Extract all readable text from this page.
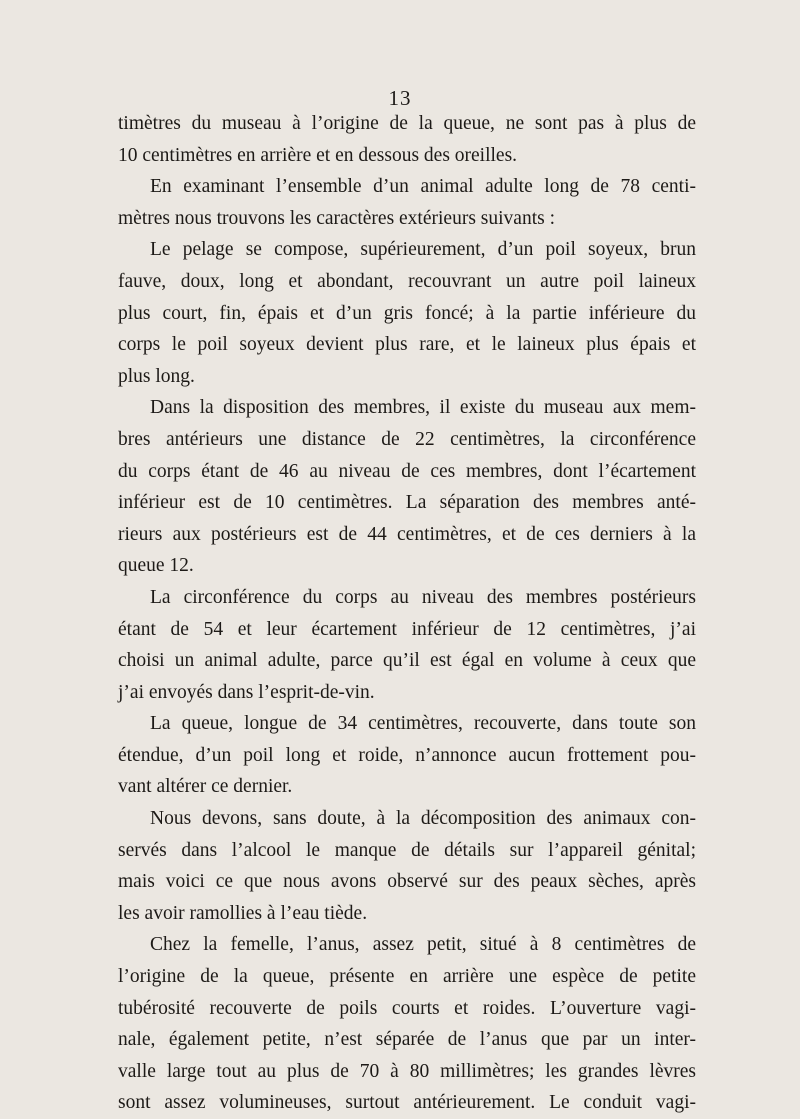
13
timètres du museau à l’origine de la queue, ne sont pas à plus de
10 centimètres en arrière et en dessous des oreilles.
En examinant l’ensemble d’un animal adulte long de 78 centi-
mètres nous trouvons les caractères extérieurs suivants :
Le pelage se compose, supérieurement, d’un poil soyeux, brun
fauve, doux, long et abondant, recouvrant un autre poil laineux
plus court, fin, épais et d’un gris foncé; à la partie inférieure du
corps le poil soyeux devient plus rare, et le laineux plus épais et
plus long.
Dans la disposition des membres, il existe du museau aux mem-
bres antérieurs une distance de 22 centimètres, la circonférence
du corps étant de 46 au niveau de ces membres, dont l’écartement
inférieur est de 10 centimètres. La séparation des membres anté-
rieurs aux postérieurs est de 44 centimètres, et de ces derniers à la
queue 12.
La circonférence du corps au niveau des membres postérieurs
étant de 54 et leur écartement inférieur de 12 centimètres, j’ai
choisi un animal adulte, parce qu’il est égal en volume à ceux que
j’ai envoyés dans l’esprit-de-vin.
La queue, longue de 34 centimètres, recouverte, dans toute son
étendue, d’un poil long et roide, n’annonce aucun frottement pou-
vant altérer ce dernier.
Nous devons, sans doute, à la décomposition des animaux con-
servés dans l’alcool le manque de détails sur l’appareil génital;
mais voici ce que nous avons observé sur des peaux sèches, après
les avoir ramollies à l’eau tiède.
Chez la femelle, l’anus, assez petit, situé à 8 centimètres de
l’origine de la queue, présente en arrière une espèce de petite
tubérosité recouverte de poils courts et roides. L’ouverture vagi-
nale, également petite, n’est séparée de l’anus que par un inter-
valle large tout au plus de 70 à 80 millimètres; les grandes lèvres
sont assez volumineuses, surtout antérieurement. Le conduit vagi-
